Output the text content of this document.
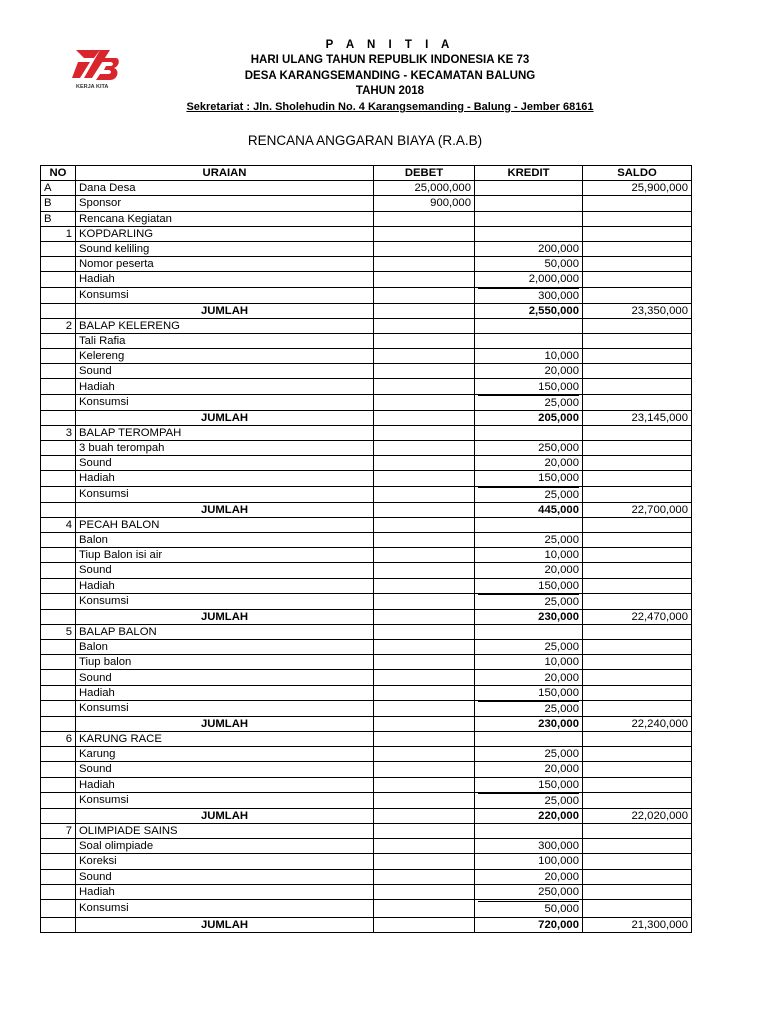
KERJA KITA
P A N I T I A
HARI ULANG TAHUN REPUBLIK INDONESIA KE 73
DESA KARANGSEMANDING - KECAMATAN BALUNG
TAHUN 2018
Sekretariat : Jln. Sholehudin No. 4 Karangsemanding - Balung - Jember 68161
RENCANA ANGGARAN BIAYA (R.A.B)
NO	URAIAN	DEBET	KREDIT	SALDO
A	Dana Desa	25,000,000		25,900,000
B	Sponsor	900,000		
B	Rencana Kegiatan			
1	KOPDARLING			
	Sound keliling		200,000	
	Nomor peserta		50,000	
	Hadiah		2,000,000	
	Konsumsi		300,000	
	JUMLAH		2,550,000	23,350,000
2	BALAP KELERENG			
	Tali Rafia			
	Kelereng		10,000	
	Sound		20,000	
	Hadiah		150,000	
	Konsumsi		25,000	
	JUMLAH		205,000	23,145,000
3	BALAP TEROMPAH			
	3 buah terompah		250,000	
	Sound		20,000	
	Hadiah		150,000	
	Konsumsi		25,000	
	JUMLAH		445,000	22,700,000
4	PECAH BALON			
	Balon		25,000	
	Tiup Balon isi air		10,000	
	Sound		20,000	
	Hadiah		150,000	
	Konsumsi		25,000	
	JUMLAH		230,000	22,470,000
5	BALAP BALON			
	Balon		25,000	
	Tiup balon		10,000	
	Sound		20,000	
	Hadiah		150,000	
	Konsumsi		25,000	
	JUMLAH		230,000	22,240,000
6	KARUNG RACE			
	Karung		25,000	
	Sound		20,000	
	Hadiah		150,000	
	Konsumsi		25,000	
	JUMLAH		220,000	22,020,000
7	OLIMPIADE SAINS			
	Soal olimpiade		300,000	
	Koreksi		100,000	
	Sound		20,000	
	Hadiah		250,000	
	Konsumsi		50,000	
	JUMLAH		720,000	21,300,000
